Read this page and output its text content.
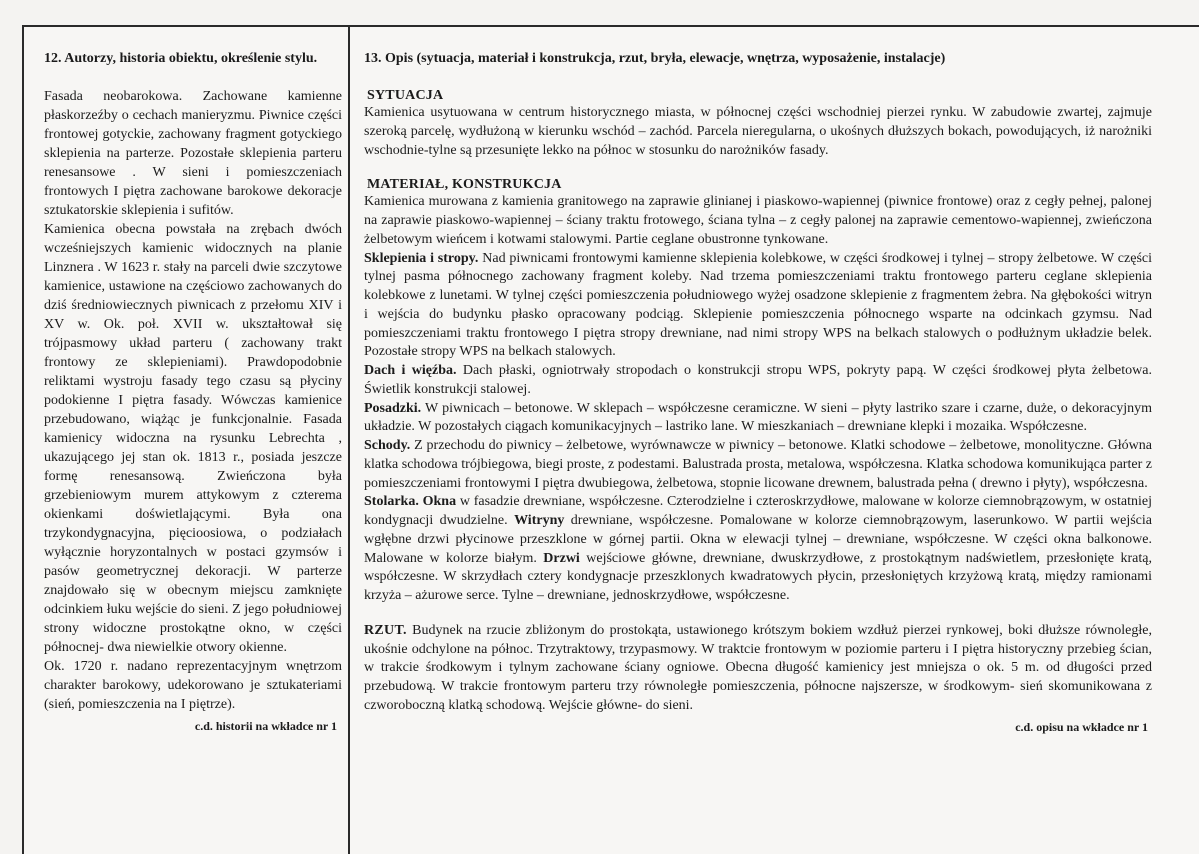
12. Autorzy, historia obiektu, określenie stylu.

Fasada neobarokowa. Zachowane kamienne płaskorzeźby o cechach manieryzmu. Piwnice części frontowej gotyckie, zachowany fragment gotyckiego sklepienia na parterze. Pozostałe sklepienia parteru renesansowe . W sieni i pomieszczeniach frontowych I piętra zachowane barokowe dekoracje sztukatorskie sklepienia i sufitów.

Kamienica obecna powstała na zrębach dwóch wcześniejszych kamienic widocznych na planie Linznera . W 1623 r. stały na parceli dwie szczytowe kamienice, ustawione na częściowo zachowanych do dziś średniowiecznych piwnicach z przełomu XIV i XV w. Ok. poł. XVII w. ukształtował się trójpasmowy układ parteru ( zachowany trakt frontowy ze sklepieniami). Prawdopodobnie reliktami wystroju fasady tego czasu są płyciny podokienne I piętra fasady. Wówczas kamienice przebudowano, wiążąc je funkcjonalnie. Fasada kamienicy widoczna na rysunku Lebrechta , ukazującego jej stan ok. 1813 r., posiada jeszcze formę renesansową. Zwieńczona była grzebieniowym murem attykowym z czterema okienkami doświetlającymi. Była ona trzykondygnacyjna, pięcioosiowa, o podziałach wyłącznie horyzontalnych w postaci gzymsów i pasów geometrycznej dekoracji. W parterze znajdowało się w obecnym miejscu zamknięte odcinkiem łuku wejście do sieni. Z jego południowej strony widoczne prostokątne okno, w części północnej- dwa niewielkie otwory okienne.

Ok. 1720 r. nadano reprezentacyjnym wnętrzom charakter barokowy, udekorowano je sztukateriami (sień, pomieszczenia na I piętrze).

c.d. historii na wkładce nr 1

13. Opis (sytuacja, materiał i konstrukcja, rzut, bryła, elewacje, wnętrza, wyposażenie, instalacje)

SYTUACJA

Kamienica usytuowana w centrum historycznego miasta, w północnej części wschodniej pierzei rynku. W zabudowie zwartej, zajmuje szeroką parcelę, wydłużoną w kierunku wschód – zachód. Parcela nieregularna, o ukośnych dłuższych bokach, powodujących, iż narożniki wschodnie-tylne są przesunięte lekko na północ w stosunku do narożników fasady.

MATERIAŁ, KONSTRUKCJA

Kamienica murowana z kamienia granitowego na zaprawie glinianej i piaskowo-wapiennej (piwnice frontowe) oraz z cegły pełnej, palonej na zaprawie piaskowo-wapiennej – ściany traktu frotowego, ściana tylna – z cegły palonej na zaprawie cementowo-wapiennej, zwieńczona żelbetowym wieńcem i kotwami stalowymi. Partie ceglane obustronne tynkowane.

Sklepienia i stropy. Nad piwnicami frontowymi kamienne sklepienia kolebkowe, w części środkowej i tylnej – stropy żelbetowe. W części tylnej pasma północnego zachowany fragment koleby. Nad trzema pomieszczeniami traktu frontowego parteru ceglane sklepienia kolebkowe z lunetami. W tylnej części pomieszczenia południowego wyżej osadzone sklepienie z fragmentem żebra. Na głębokości witryn i wejścia do budynku płasko opracowany podciąg. Sklepienie pomieszczenia północnego wsparte na odcinkach gzymsu. Nad pomieszczeniami traktu frontowego I piętra stropy drewniane, nad nimi stropy WPS na belkach stalowych o podłużnym układzie belek. Pozostałe stropy WPS na belkach stalowych.

Dach i więźba. Dach płaski, ogniotrwały stropodach o konstrukcji stropu WPS, pokryty papą. W części środkowej płyta żelbetowa. Świetlik konstrukcji stalowej.

Posadzki. W piwnicach – betonowe. W sklepach – współczesne ceramiczne. W sieni – płyty lastriko szare i czarne, duże, o dekoracyjnym układzie. W pozostałych ciągach komunikacyjnych – lastriko lane. W mieszkaniach – drewniane klepki i mozaika. Współczesne.

Schody. Z przechodu do piwnicy – żelbetowe, wyrównawcze w piwnicy – betonowe. Klatki schodowe – żelbetowe, monolityczne. Główna klatka schodowa trójbiegowa, biegi proste, z podestami. Balustrada prosta, metalowa, współczesna. Klatka schodowa komunikująca parter z pomieszczeniami frontowymi I piętra dwubiegowa, żelbetowa, stopnie licowane drewnem, balustrada pełna ( drewno i płyty), współczesna.

Stolarka. Okna w fasadzie drewniane, współczesne. Czterodzielne i czteroskrzydłowe, malowane w kolorze ciemnobrązowym, w ostatniej kondygnacji dwudzielne. Witryny drewniane, współczesne. Pomalowane w kolorze ciemnobrązowym, laserunkowo. W partii wejścia wgłębne drzwi płycinowe przeszklone w górnej partii. Okna w elewacji tylnej – drewniane, współczesne. W części okna balkonowe. Malowane w kolorze białym. Drzwi wejściowe główne, drewniane, dwuskrzydłowe, z prostokątnym nadświetlem, przesłonięte kratą, współczesne. W skrzydłach cztery kondygnacje przeszklonych kwadratowych płycin, przesłoniętych krzyżową kratą, między ramionami krzyża – ażurowe serce. Tylne – drewniane, jednoskrzydłowe, współczesne.

RZUT. Budynek na rzucie zbliżonym do prostokąta, ustawionego krótszym bokiem wzdłuż pierzei rynkowej, boki dłuższe równoległe, ukośnie odchylone na północ. Trzytraktowy, trzypasmowy. W traktcie frontowym w poziomie parteru i I piętra historyczny przebieg ścian, w trakcie środkowym i tylnym zachowane ściany ogniowe. Obecna długość kamienicy jest mniejsza o ok. 5 m. od długości przed przebudową. W trakcie frontowym parteru trzy równoległe pomieszczenia, północne najszersze, w środkowym- sień skomunikowana z czworoboczną klatką schodową. Wejście główne- do sieni.

c.d. opisu na wkładce nr 1
